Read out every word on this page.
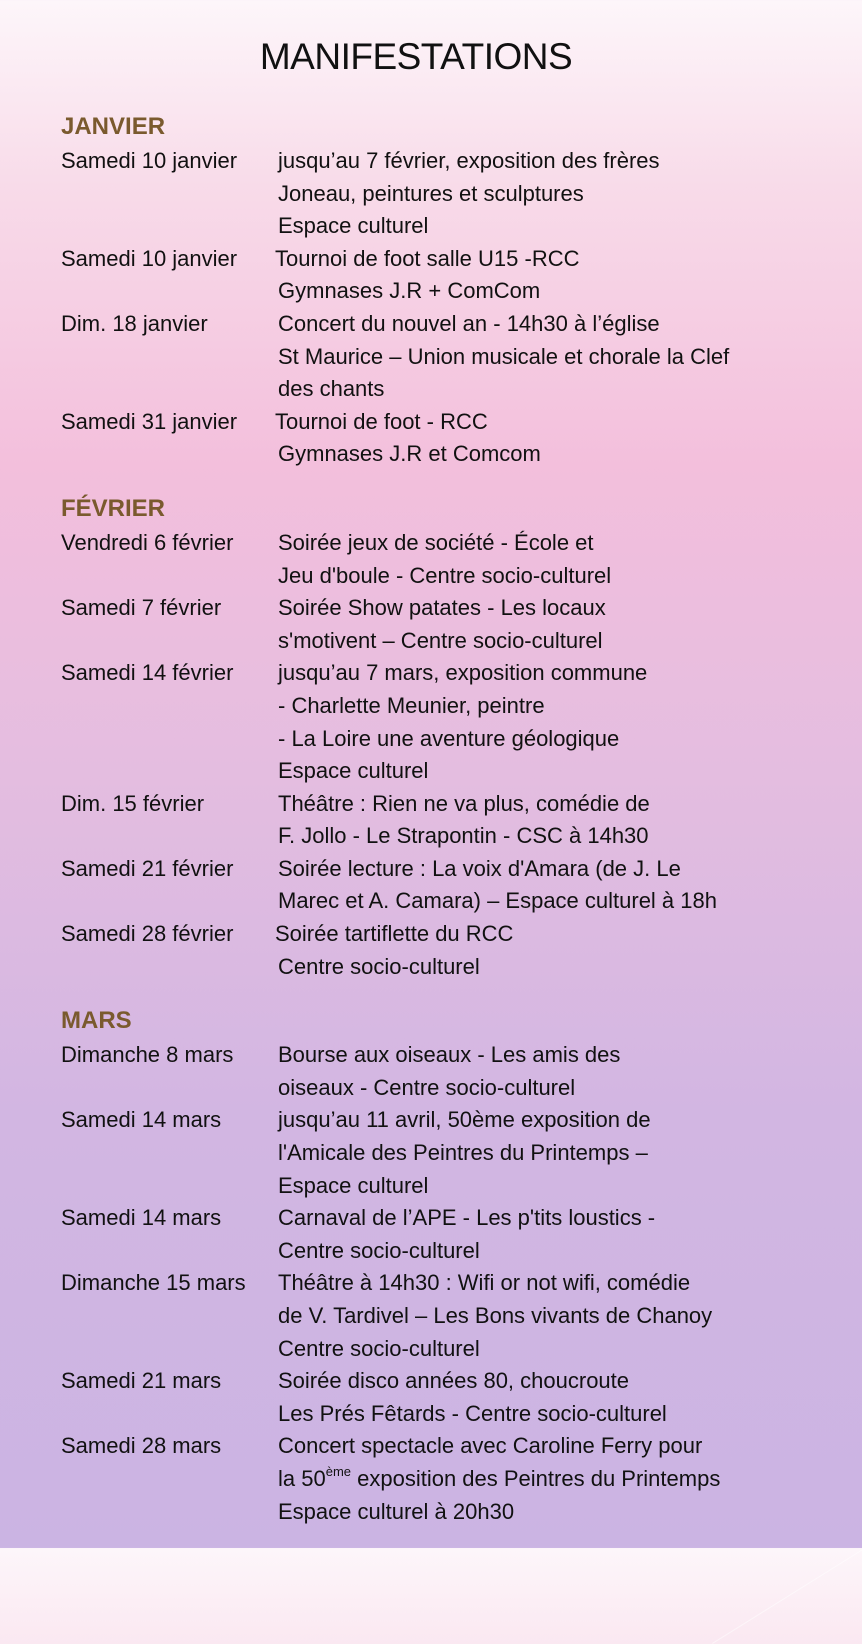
MANIFESTATIONS
JANVIER
Samedi 10 janvier	jusqu’au 7 février, exposition des frères
Joneau, peintures et sculptures
Espace culturel
Samedi 10 janvier	Tournoi de foot salle U15 -RCC
Gymnases J.R + ComCom
Dim. 18 janvier	Concert du nouvel an - 14h30 à l’église
St Maurice – Union musicale et chorale la Clef
des chants
Samedi 31 janvier	Tournoi de foot - RCC
Gymnases J.R et Comcom
FÉVRIER
Vendredi 6 février	Soirée jeux de société - École et
Jeu d'boule - Centre socio-culturel
Samedi 7 février	Soirée Show patates - Les locaux
s'motivent – Centre socio-culturel
Samedi 14 février	jusqu’au 7 mars, exposition commune
- Charlette Meunier, peintre
- La Loire une aventure géologique
Espace culturel
Dim. 15 février	Théâtre : Rien ne va plus, comédie de
F. Jollo - Le Strapontin - CSC à 14h30
Samedi 21 février	Soirée lecture : La voix d'Amara (de J. Le
Marec et A. Camara) – Espace culturel à 18h
Samedi 28 février	Soirée tartiflette du RCC
Centre socio-culturel
MARS
Dimanche 8 mars	Bourse aux oiseaux - Les amis des
oiseaux - Centre socio-culturel
Samedi 14 mars	jusqu’au 11 avril, 50ème exposition de
l'Amicale des Peintres du Printemps –
Espace culturel
Samedi 14 mars	Carnaval de l’APE - Les p'tits loustics -
Centre socio-culturel
Dimanche 15 mars	Théâtre à 14h30 : Wifi or not wifi, comédie
de V. Tardivel – Les Bons vivants de Chanoy
Centre socio-culturel
Samedi 21 mars	Soirée disco années 80, choucroute
Les Prés Fêtards - Centre socio-culturel
Samedi 28 mars	Concert spectacle avec Caroline Ferry pour
la 50ème exposition des Peintres du Printemps
Espace culturel à 20h30
